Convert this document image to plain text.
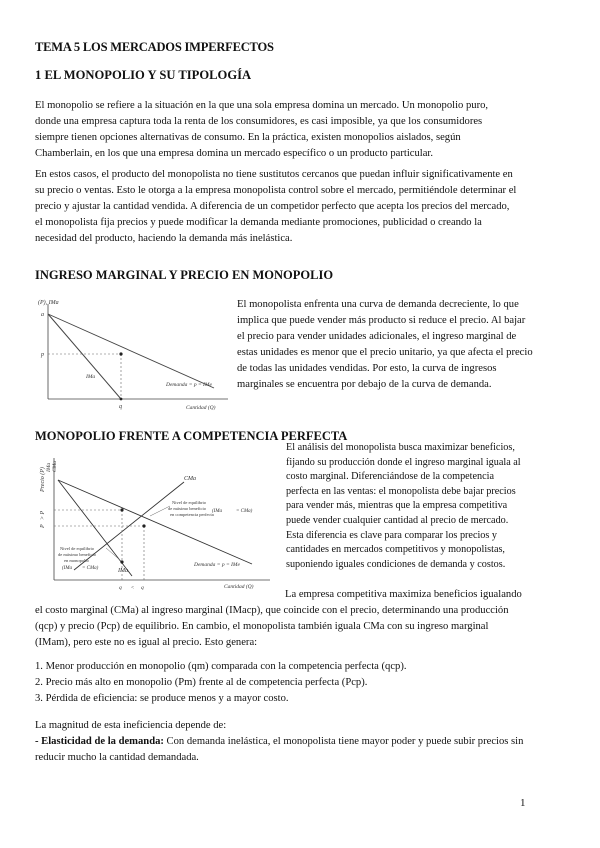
TEMA 5 LOS MERCADOS IMPERFECTOS
1 EL MONOPOLIO Y SU TIPOLOGÍA

El monopolio se refiere a la situación en la que una sola empresa domina un mercado. Un monopolio puro, donde una empresa captura toda la renta de los consumidores, es casi imposible, ya que los consumidores siempre tienen opciones alternativas de consumo. En la práctica, existen monopolios aislados, según Chamberlain, en los que una empresa domina un mercado específico o un producto particular.

En estos casos, el producto del monopolista no tiene sustitutos cercanos que puedan influir significativamente en su precio o ventas. Esto le otorga a la empresa monopolista control sobre el mercado, permitiéndole determinar el precio y ajustar la cantidad vendida. A diferencia de un competidor perfecto que acepta los precios del mercado, el monopolista fija precios y puede modificar la demanda mediante promociones, publicidad o creando la necesidad del producto, haciendo la demanda más inelástica.

INGRESO MARGINAL Y PRECIO EN MONOPOLIO
(P), IMa
a
p
q
IMa
Demanda = p = IMe
Cantidad (Q)

El monopolista enfrenta una curva de demanda decreciente, lo que implica que puede vender más producto si reduce el precio. Al bajar el precio para vender unidades adicionales, el ingreso marginal de estas unidades es menor que el precio unitario, ya que afecta el precio de todas las unidades vendidas. Por esto, la curva de ingresos marginales se encuentra por debajo de la curva de demanda.

MONOPOLIO FRENTE A COMPETENCIA PERFECTA
Precio (P) IMa CMa
P
> P
CMa
IMa
Demanda = p = IMe
Cantidad (Q)
q < q
Nivel de equilibrio
de máximo beneficio
en competencia perfecta
(IMa	= CMa)
Nivel de equilibrio
de máximo beneficio
en monopolio
(IMa = CMa)

El análisis del monopolista busca maximizar beneficios, fijando su producción donde el ingreso marginal iguala al costo marginal. Diferenciándose de la competencia perfecta en las ventas: el monopolista debe bajar precios para vender más, mientras que la empresa competitiva puede vender cualquier cantidad al precio de mercado. Esta diferencia es clave para comparar los precios y cantidades en mercados competitivos y monopolistas, suponiendo iguales condiciones de demanda y costos.

La empresa competitiva maximiza beneficios igualando el costo marginal (CMa) al ingreso marginal (IMacp), que coincide con el precio, determinando una producción (qcp) y precio (Pcp) de equilibrio. En cambio, el monopolista también iguala CMa con su ingreso marginal (IMam), pero este no es igual al precio. Esto genera:

1. Menor producción en monopolio (qm) comparada con la competencia perfecta (qcp).
2. Precio más alto en monopolio (Pm) frente al de competencia perfecta (Pcp).
3. Pérdida de eficiencia: se produce menos y a mayor costo.

La magnitud de esta ineficiencia depende de:

- Elasticidad de la demanda: Con demanda inelástica, el monopolista tiene mayor poder y puede subir precios sin reducir mucho la cantidad demandada.

1
